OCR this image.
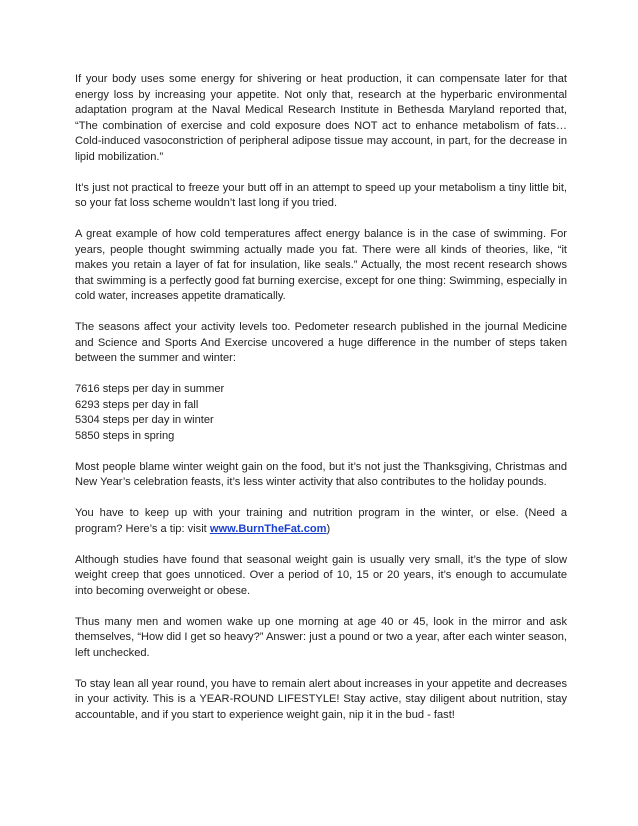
If your body uses some energy for shivering or heat production, it can compensate later for that energy loss by increasing your appetite. Not only that, research at the hyperbaric environmental adaptation program at the Naval Medical Research Institute in Bethesda Maryland reported that, “The combination of exercise and cold exposure does NOT act to enhance metabolism of fats… Cold-induced vasoconstriction of peripheral adipose tissue may account, in part, for the decrease in lipid mobilization.”

It’s just not practical to freeze your butt off in an attempt to speed up your metabolism a tiny little bit, so your fat loss scheme wouldn’t last long if you tried.

A great example of how cold temperatures affect energy balance is in the case of swimming. For years, people thought swimming actually made you fat. There were all kinds of theories, like, “it makes you retain a layer of fat for insulation, like seals.” Actually, the most recent research shows that swimming is a perfectly good fat burning exercise, except for one thing: Swimming, especially in cold water, increases appetite dramatically.

The seasons affect your activity levels too. Pedometer research published in the journal Medicine and Science and Sports And Exercise uncovered a huge difference in the number of steps taken between the summer and winter:

7616 steps per day in summer
6293 steps per day in fall
5304 steps per day in winter
5850 steps in spring

Most people blame winter weight gain on the food, but it’s not just the Thanksgiving, Christmas and New Year’s celebration feasts, it’s less winter activity that also contributes to the holiday pounds.

You have to keep up with your training and nutrition program in the winter, or else. (Need a program? Here’s a tip: visit www.BurnTheFat.com)

Although studies have found that seasonal weight gain is usually very small, it’s the type of slow weight creep that goes unnoticed. Over a period of 10, 15 or 20 years, it’s enough to accumulate into becoming overweight or obese.

Thus many men and women wake up one morning at age 40 or 45, look in the mirror and ask themselves, “How did I get so heavy?” Answer: just a pound or two a year, after each winter season, left unchecked.

To stay lean all year round, you have to remain alert about increases in your appetite and decreases in your activity. This is a YEAR-ROUND LIFESTYLE! Stay active, stay diligent about nutrition, stay accountable, and if you start to experience weight gain, nip it in the bud - fast!
